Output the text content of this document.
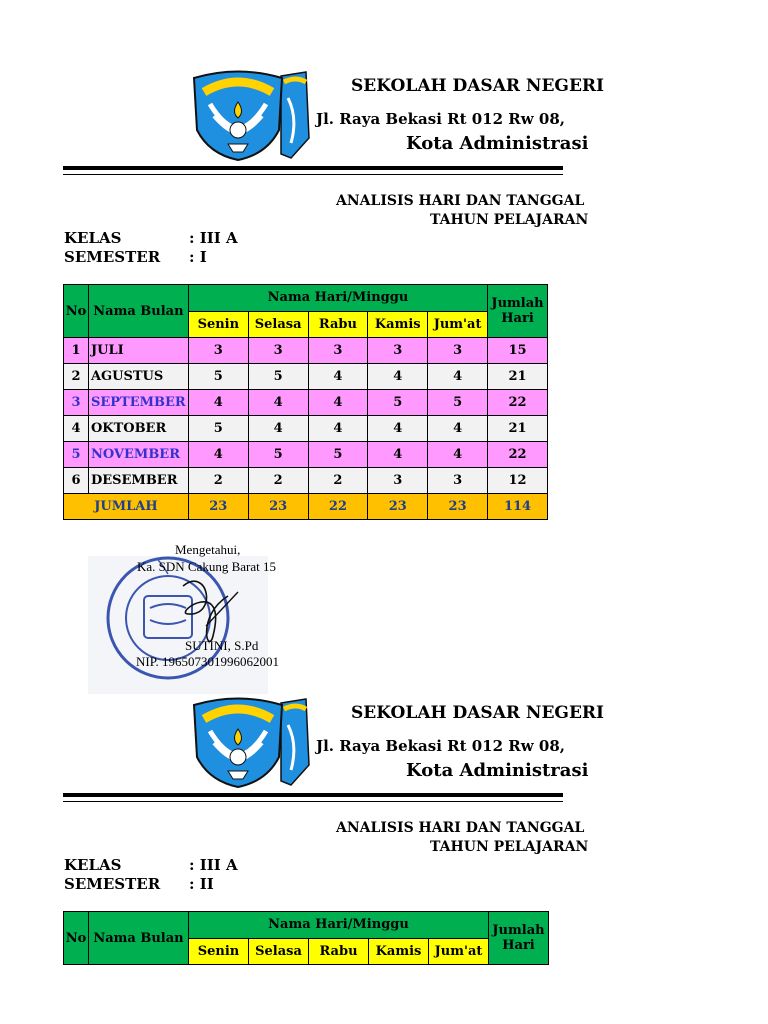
SEKOLAH DASAR NEGERI
Jl. Raya Bekasi Rt 012 Rw 08,
Kota Administrasi
ANALISIS HARI DAN TANGGAL
TAHUN PELAJARAN
KELAS	: III A
SEMESTER : I
No	Nama Bulan	Nama Hari/Minggu					Jumlah Hari
		Senin	Selasa	Rabu	Kamis	Jum'at	
1	JULI	3	3	3	3	3	15
2	AGUSTUS	5	5	4	4	4	21
3	SEPTEMBER	4	4	4	5	5	22
4	OKTOBER	5	4	4	4	4	21
5	NOVEMBER	4	5	5	4	4	22
6	DESEMBER	2	2	2	3	3	12
JUMLAH		23	23	22	23	23	114
Mengetahui,
Ka. SDN Cakung Barat 15
SUTINI, S.Pd
NIP. 196507301996062001
SEKOLAH DASAR NEGERI
Jl. Raya Bekasi Rt 012 Rw 08,
Kota Administrasi
ANALISIS HARI DAN TANGGAL
TAHUN PELAJARAN
KELAS	: III A
SEMESTER : II
No	Nama Bulan	Nama Hari/Minggu					Jumlah Hari
		Senin	Selasa	Rabu	Kamis	Jum'at	
